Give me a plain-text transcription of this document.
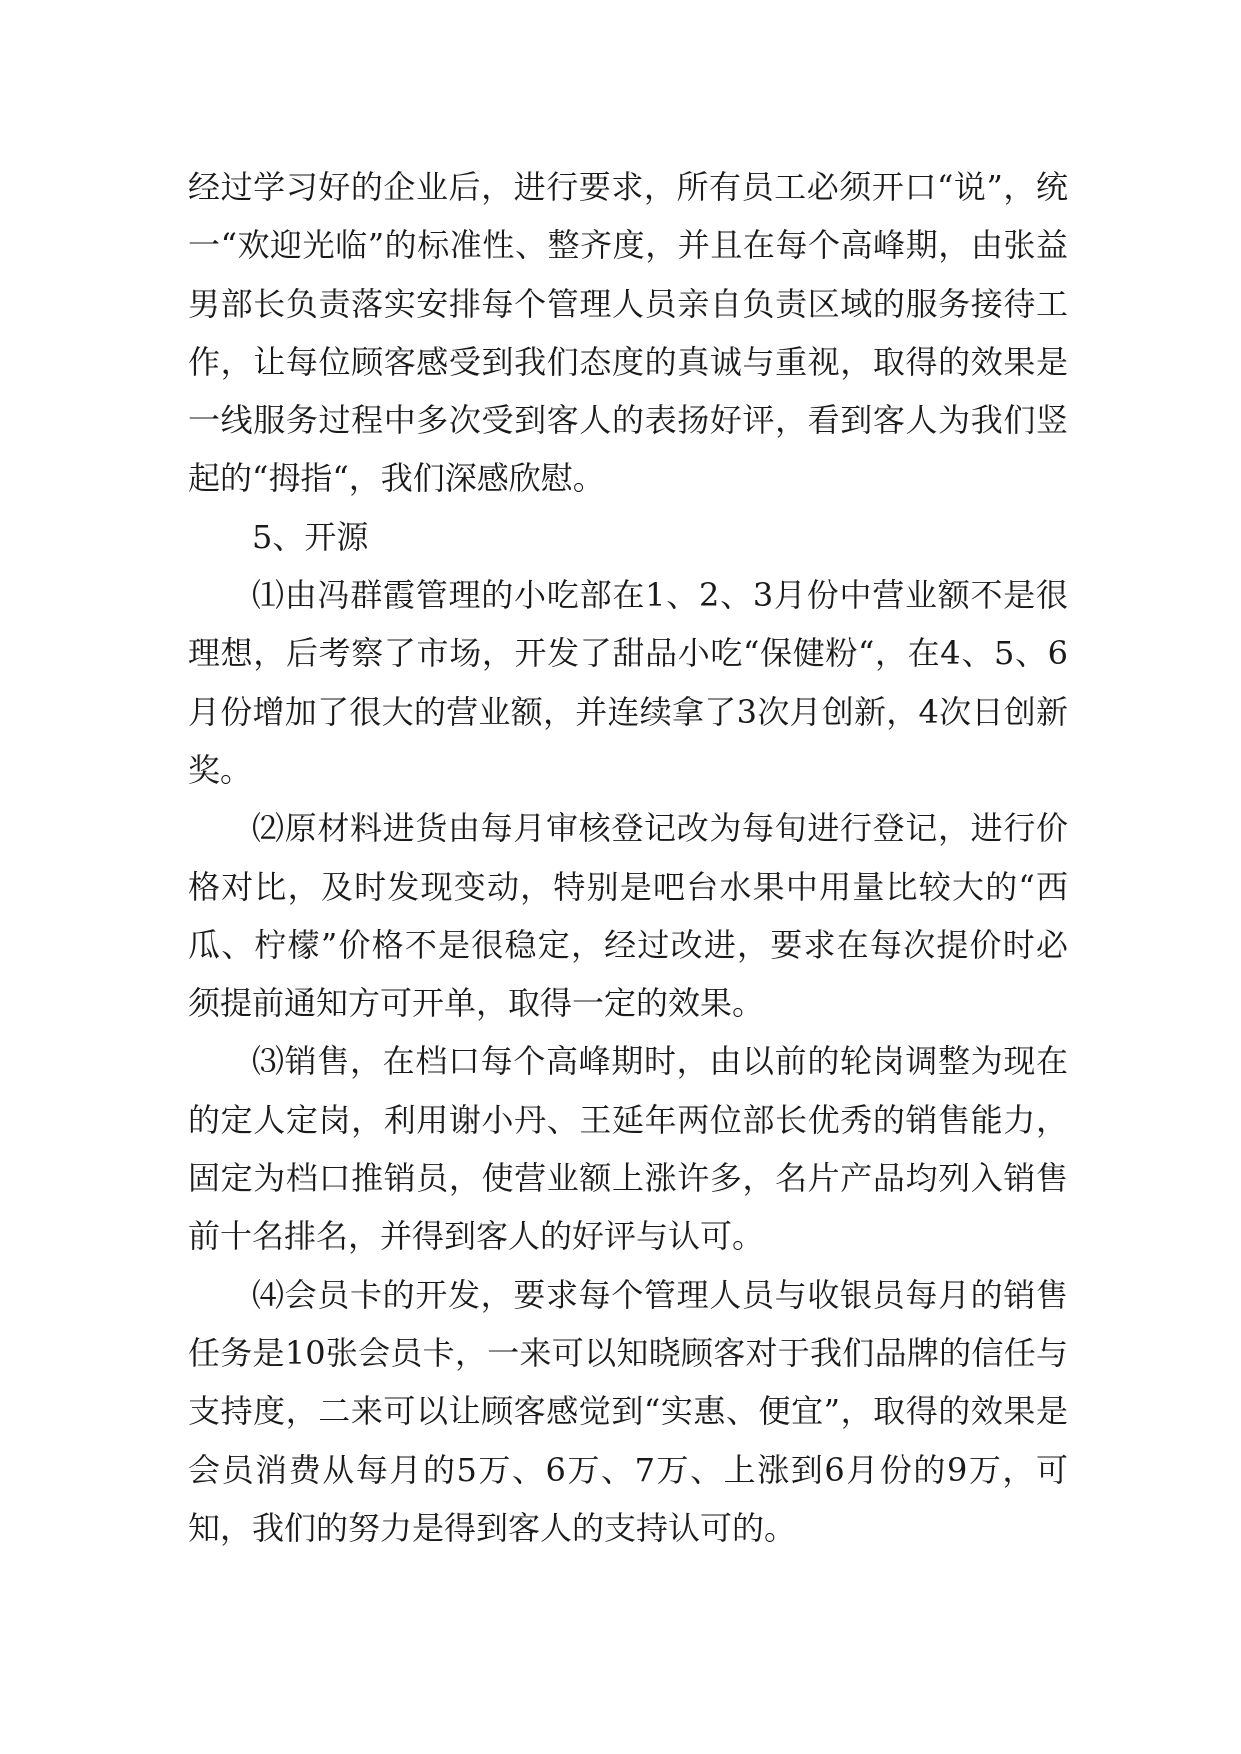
经过学习好的企业后，进行要求，所有员工必须开口“说”，统一“欢迎光临”的标准性、整齐度，并且在每个高峰期，由张益男部长负责落实安排每个管理人员亲自负责区域的服务接待工作，让每位顾客感受到我们态度的真诚与重视，取得的效果是一线服务过程中多次受到客人的表扬好评，看到客人为我们竖起的“拇指“，我们深感欣慰。

5、开源

⑴由冯群霞管理的小吃部在1、2、3月份中营业额不是很理想，后考察了市场，开发了甜品小吃“保健粉“，在4、5、6月份增加了很大的营业额，并连续拿了3次月创新，4次日创新奖。

⑵原材料进货由每月审核登记改为每旬进行登记，进行价格对比，及时发现变动，特别是吧台水果中用量比较大的“西瓜、柠檬”价格不是很稳定，经过改进，要求在每次提价时必须提前通知方可开单，取得一定的效果。

⑶销售，在档口每个高峰期时，由以前的轮岗调整为现在的定人定岗，利用谢小丹、王延年两位部长优秀的销售能力，固定为档口推销员，使营业额上涨许多，名片产品均列入销售前十名排名，并得到客人的好评与认可。

⑷会员卡的开发，要求每个管理人员与收银员每月的销售任务是10张会员卡，一来可以知晓顾客对于我们品牌的信任与支持度，二来可以让顾客感觉到“实惠、便宜”，取得的效果是会员消费从每月的5万、6万、7万、上涨到6月份的9万，可知，我们的努力是得到客人的支持认可的。
